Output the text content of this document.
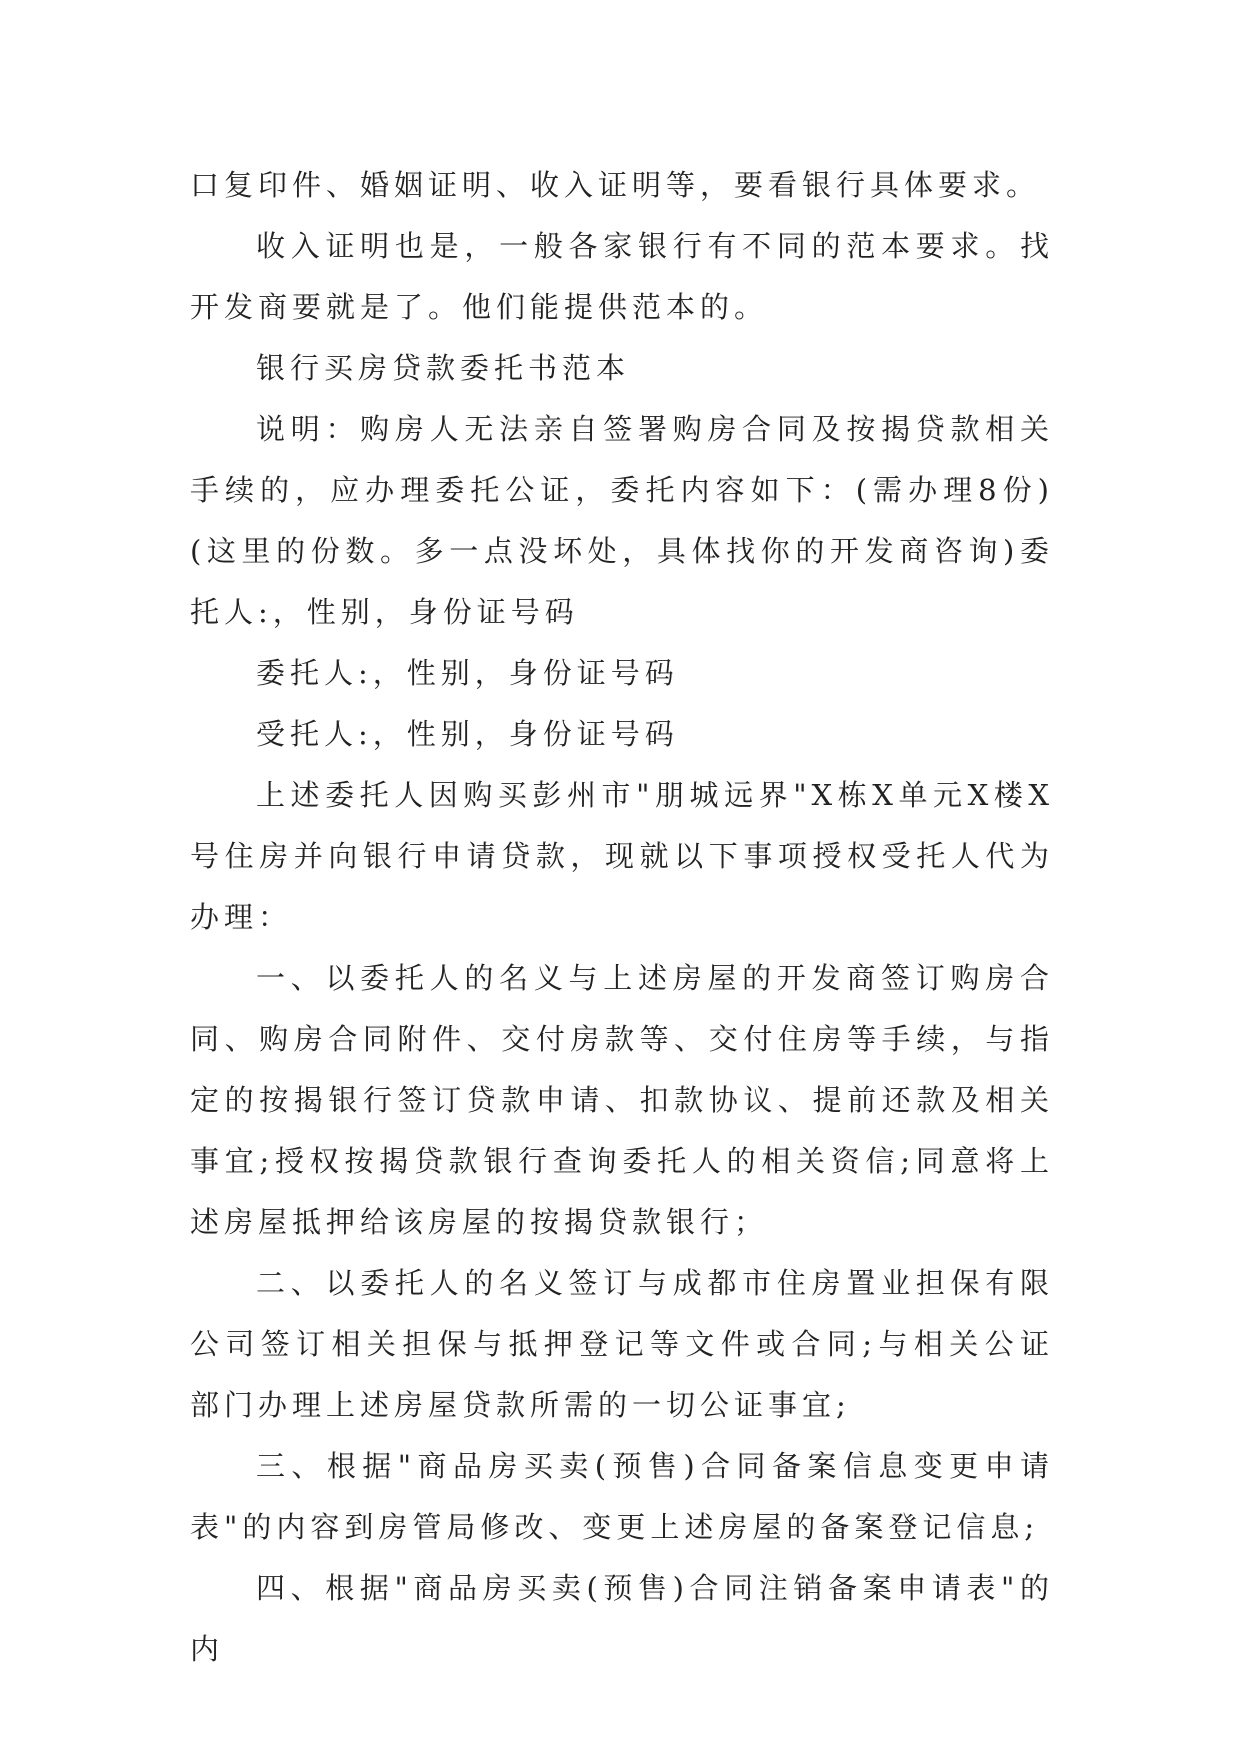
口复印件、婚姻证明、收入证明等，要看银行具体要求。

收入证明也是，一般各家银行有不同的范本要求。找开发商要就是了。他们能提供范本的。

银行买房贷款委托书范本

说明：购房人无法亲自签署购房合同及按揭贷款相关手续的，应办理委托公证，委托内容如下：(需办理8份)(这里的份数。多一点没坏处，具体找你的开发商咨询)委托人:，性别，身份证号码

委托人:，性别，身份证号码

受托人:，性别，身份证号码

上述委托人因购买彭州市"朋城远界"X栋X单元X楼X号住房并向银行申请贷款，现就以下事项授权受托人代为办理：

一、以委托人的名义与上述房屋的开发商签订购房合同、购房合同附件、交付房款等、交付住房等手续，与指定的按揭银行签订贷款申请、扣款协议、提前还款及相关事宜;授权按揭贷款银行查询委托人的相关资信;同意将上述房屋抵押给该房屋的按揭贷款银行；

二、以委托人的名义签订与成都市住房置业担保有限公司签订相关担保与抵押登记等文件或合同;与相关公证部门办理上述房屋贷款所需的一切公证事宜;

三、根据"商品房买卖(预售)合同备案信息变更申请表"的内容到房管局修改、变更上述房屋的备案登记信息;

四、根据"商品房买卖(预售)合同注销备案申请表"的内
